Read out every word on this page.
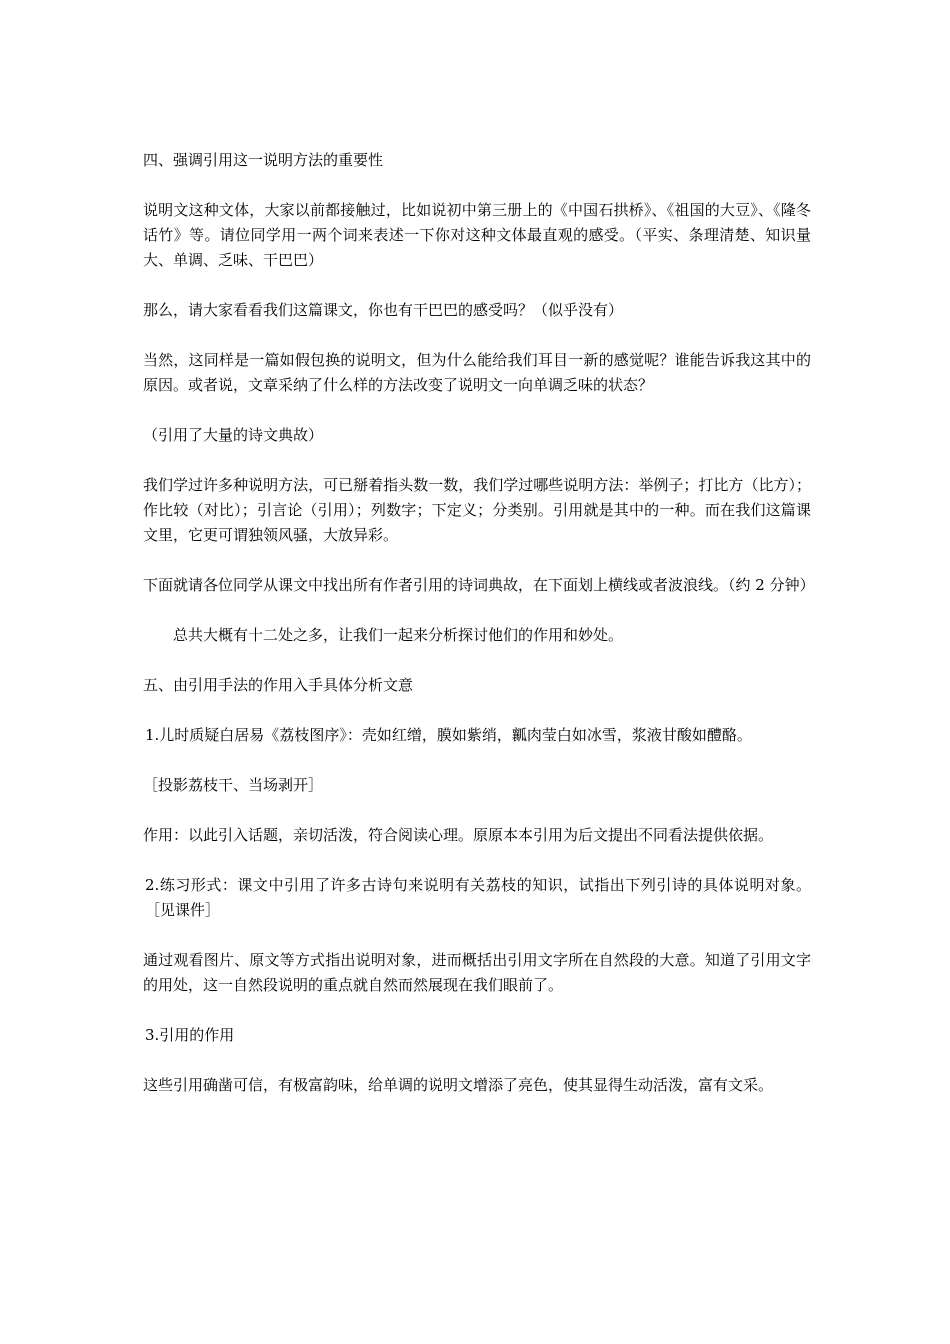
四、强调引用这一说明方法的重要性

说明文这种文体，大家以前都接触过，比如说初中第三册上的《中国石拱桥》、《祖国的大豆》、《隆冬话竹》等。请位同学用一两个词来表述一下你对这种文体最直观的感受。（平实、条理清楚、知识量大、单调、乏味、干巴巴）

那么，请大家看看我们这篇课文，你也有干巴巴的感受吗？（似乎没有）

当然，这同样是一篇如假包换的说明文，但为什么能给我们耳目一新的感觉呢？谁能告诉我这其中的原因。或者说，文章采纳了什么样的方法改变了说明文一向单调乏味的状态？

（引用了大量的诗文典故）

我们学过许多种说明方法，可已掰着指头数一数，我们学过哪些说明方法：举例子；打比方（比方）；作比较（对比）；引言论（引用）；列数字；下定义；分类别。引用就是其中的一种。而在我们这篇课文里，它更可谓独领风骚，大放异彩。

下面就请各位同学从课文中找出所有作者引用的诗词典故，在下面划上横线或者波浪线。（约 2 分钟）

总共大概有十二处之多，让我们一起来分析探讨他们的作用和妙处。

五、由引用手法的作用入手具体分析文意

1.儿时质疑白居易《荔枝图序》：壳如红缯，膜如紫绡，瓤肉莹白如冰雪，浆液甘酸如醴酪。

［投影荔枝干、当场剥开］

作用：以此引入话题，亲切活泼，符合阅读心理。原原本本引用为后文提出不同看法提供依据。

2.练习形式：课文中引用了许多古诗句来说明有关荔枝的知识，试指出下列引诗的具体说明对象。［见课件］

通过观看图片、原文等方式指出说明对象，进而概括出引用文字所在自然段的大意。知道了引用文字的用处，这一自然段说明的重点就自然而然展现在我们眼前了。

3.引用的作用

这些引用确凿可信，有极富韵味，给单调的说明文增添了亮色，使其显得生动活泼，富有文采。
